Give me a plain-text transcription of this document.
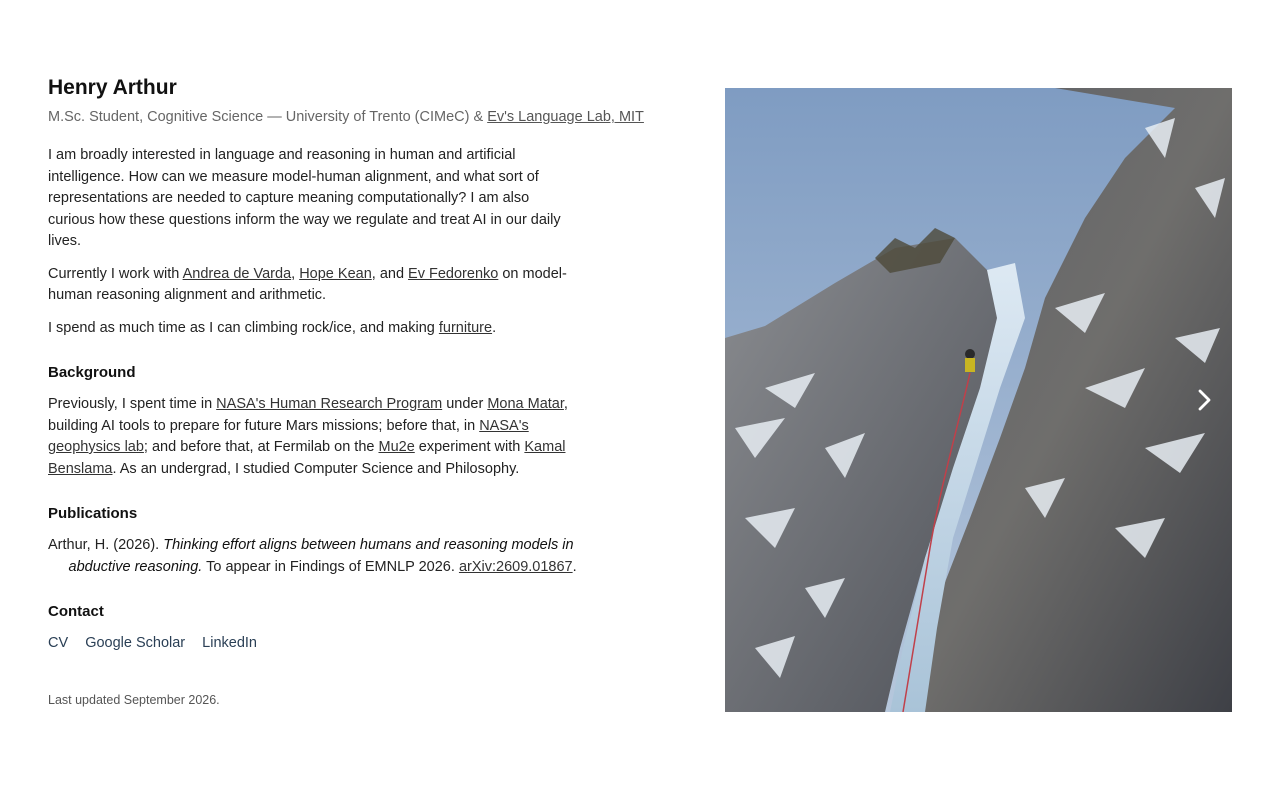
Henry Arthur
M.Sc. Student, Cognitive Science — University of Trento (CIMeC) & Ev's Language Lab, MIT

I am broadly interested in language and reasoning in human and artificial intelligence. How can we measure model-human alignment, and what sort of representations are needed to capture meaning computationally? I am also curious how these questions inform the way we regulate and treat AI in our daily lives.

Currently I work with Andrea de Varda, Hope Kean, and Ev Fedorenko on model-human reasoning alignment and arithmetic.

I spend as much time as I can climbing rock/ice, and making furniture.

Background
Previously, I spent time in NASA's Human Research Program under Mona Matar, building AI tools to prepare for future Mars missions; before that, in NASA's geophysics lab; and before that, at Fermilab on the Mu2e experiment with Kamal Benslama. As an undergrad, I studied Computer Science and Philosophy.
Publications
Arthur, H. (2026). Thinking effort aligns between humans and reasoning models in abductive reasoning. To appear in Findings of EMNLP 2026. arXiv:2609.01867.
Contact
CV Google Scholar LinkedIn
Last updated September 2026.
